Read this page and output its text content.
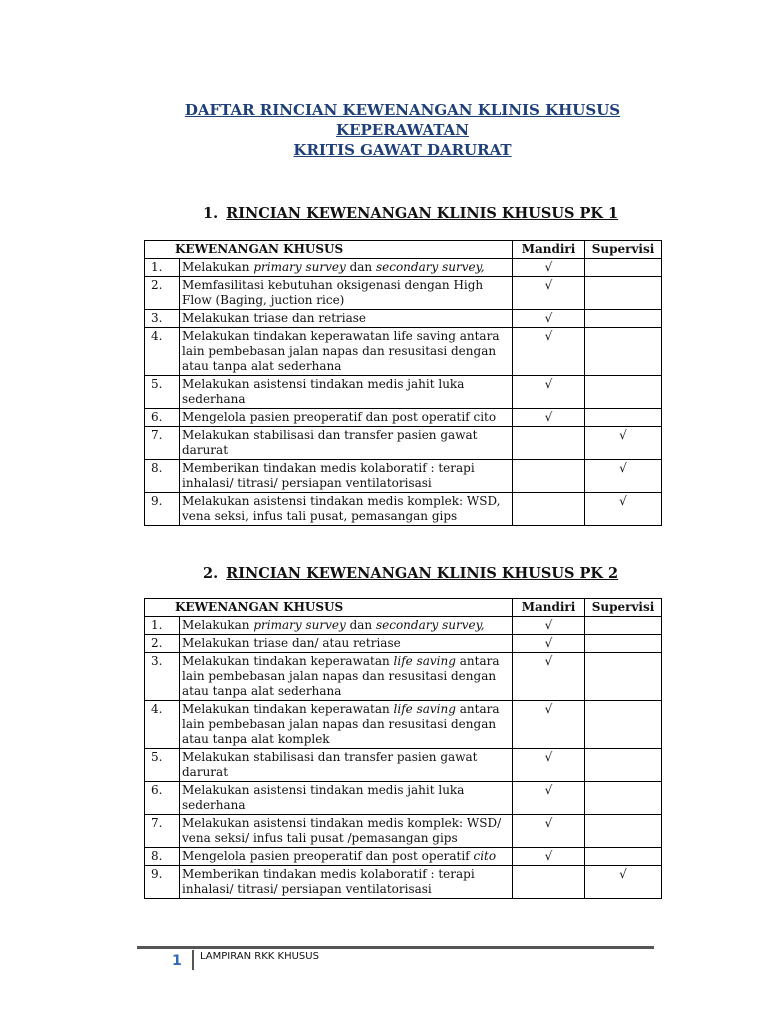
DAFTAR RINCIAN KEWENANGAN KLINIS KHUSUS
KEPERAWATAN
KRITIS GAWAT DARURAT
1. RINCIAN KEWENANGAN KLINIS KHUSUS PK 1
KEWENANGAN KHUSUS		Mandiri	Supervisi
1.	Melakukan primary survey dan secondary survey,	√	
2.	Memfasilitasi kebutuhan oksigenasi dengan High Flow (Baging, juction rice)	√	
3.	Melakukan triase dan retriase	√	
4.	Melakukan tindakan keperawatan life saving antara lain pembebasan jalan napas dan resusitasi dengan atau tanpa alat sederhana	√	
5.	Melakukan asistensi tindakan medis jahit luka sederhana	√	
6.	Mengelola pasien preoperatif dan post operatif cito	√	
7.	Melakukan stabilisasi dan transfer pasien gawat darurat		√
8.	Memberikan tindakan medis kolaboratif : terapi inhalasi/ titrasi/ persiapan ventilatorisasi		√
9.	Melakukan asistensi tindakan medis komplek: WSD, vena seksi, infus tali pusat, pemasangan gips		√
2. RINCIAN KEWENANGAN KLINIS KHUSUS PK 2
KEWENANGAN KHUSUS		Mandiri	Supervisi
1.	Melakukan primary survey dan secondary survey,	√	
2.	Melakukan triase dan/ atau retriase	√	
3.	Melakukan tindakan keperawatan life saving antara lain pembebasan jalan napas dan resusitasi dengan atau tanpa alat sederhana	√	
4.	Melakukan tindakan keperawatan life saving antara lain pembebasan jalan napas dan resusitasi dengan atau tanpa alat komplek	√	
5.	Melakukan stabilisasi dan transfer pasien gawat darurat	√	
6.	Melakukan asistensi tindakan medis jahit luka sederhana	√	
7.	Melakukan asistensi tindakan medis komplek: WSD/ vena seksi/ infus tali pusat /pemasangan gips	√	
8.	Mengelola pasien preoperatif dan post operatif cito	√	
9.	Memberikan tindakan medis kolaboratif : terapi inhalasi/ titrasi/ persiapan ventilatorisasi		√
1 LAMPIRAN RKK KHUSUS
